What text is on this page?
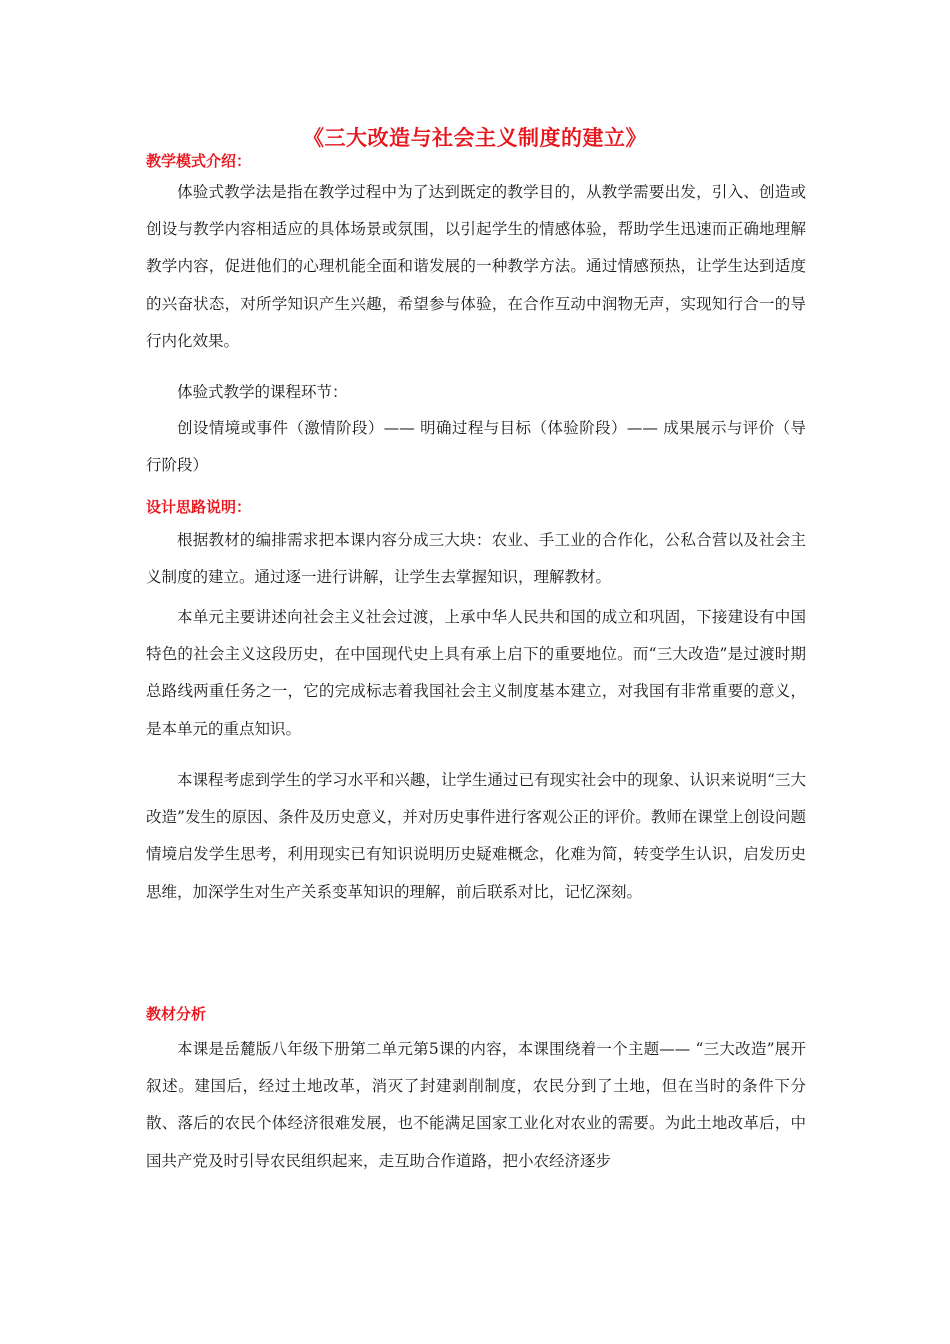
《三大改造与社会主义制度的建立》
教学模式介绍：

体验式教学法是指在教学过程中为了达到既定的教学目的，从教学需要出发，引入、创造或创设与教学内容相适应的具体场景或氛围，以引起学生的情感体验，帮助学生迅速而正确地理解教学内容，促进他们的心理机能全面和谐发展的一种教学方法。通过情感预热，让学生达到适度的兴奋状态，对所学知识产生兴趣，希望参与体验，在合作互动中润物无声，实现知行合一的导行内化效果。

体验式教学的课程环节：

创设情境或事件（激情阶段）—— 明确过程与目标（体验阶段）—— 成果展示与评价（导行阶段）

设计思路说明：

根据教材的编排需求把本课内容分成三大块：农业、手工业的合作化，公私合营以及社会主义制度的建立。通过逐一进行讲解，让学生去掌握知识，理解教材。

本单元主要讲述向社会主义社会过渡，上承中华人民共和国的成立和巩固，下接建设有中国特色的社会主义这段历史，在中国现代史上具有承上启下的重要地位。而“三大改造”是过渡时期总路线两重任务之一，它的完成标志着我国社会主义制度基本建立，对我国有非常重要的意义，是本单元的重点知识。

本课程考虑到学生的学习水平和兴趣，让学生通过已有现实社会中的现象、认识来说明“三大改造”发生的原因、条件及历史意义，并对历史事件进行客观公正的评价。教师在课堂上创设问题情境启发学生思考，利用现实已有知识说明历史疑难概念，化难为简，转变学生认识，启发历史思维，加深学生对生产关系变革知识的理解，前后联系对比，记忆深刻。

教材分析

本课是岳麓版八年级下册第二单元第5课的内容，本课围绕着一个主题—— “三大改造”展开叙述。建国后，经过土地改革，消灭了封建剥削制度，农民分到了土地，但在当时的条件下分散、落后的农民个体经济很难发展，也不能满足国家工业化对农业的需要。为此土地改革后，中国共产党及时引导农民组织起来，走互助合作道路，把小农经济逐步
